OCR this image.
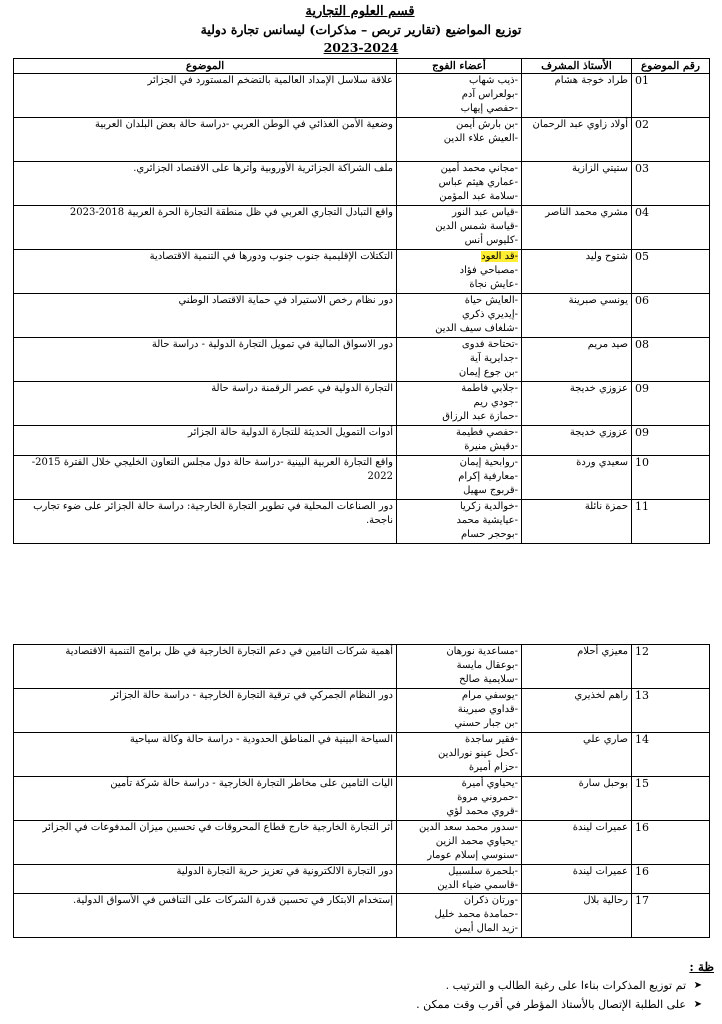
قسم العلوم التجارية
توزيع المواضيع (تقارير تربص – مذكرات) ليسانس تجارة دولية
2023-2024
رقم الموضوع	الأستاذ المشرف	أعضاء الفوج	الموضوع
01	طراد خوجة هشام	-ذيب شهاب
-بولعراس آدم
-حفصي إيهاب	علاقة سلاسل الإمداد العالمية بالتضخم المستورد في الجزائر
02	أولاد زاوي عبد الرحمان	-بن بارش أيمن
-العيش علاء الدين	وضعية الأمن الغذائي في الوطن العربي -دراسة حالة بعض البلدان العربية
03	ستيتي الزازية	-مجاني محمد أمين
-عماري هيثم عباس
-سلامة عبد المؤمن	ملف الشراكة الجزائرية الأوروبية وأثرها على الاقتصاد الجزائري.
04	مشري محمد الناصر	-قياس عبد النور
-قياسة شمس الدين
-كليوس أنس	واقع التبادل التجاري العربي في ظل منطقة التجارة الحرة العربية 2018-2023
05	شتوح وليد	-قد العود
-مصباحي فؤاد
-عايش نجاة	التكتلات الإقليمية جنوب جنوب ودورها في التنمية الاقتصادية
06	يونسي صبرينة	-العايش حياة
-إيديري ذكري
-شلغاف سيف الدين	دور نظام رخص الاستيراد في حماية الاقتصاد الوطني
08	صيد مريم	-تحتاحة فدوى
-جدايرية آية
-بن جوع إيمان	دور الاسواق المالية في تمويل التجارة الدولية - دراسة حالة
09	عزوزي خديجة	-جلابي فاطمة
-جودي ريم
-حمازة عبد الرزاق	التجارة الدولية في عصر الرقمنة دراسة حالة
09	عزوزي خديجة	-حفصي فطيمة
-دقيش منيرة	أدوات التمويل الحديثة للتجارة الدولية حالة الجزائر
10	سعيدي وردة	-روابحية إيمان
-معارفية إكرام
-قربوج سهيل	واقع التجارة العربية البينية -دراسة حالة دول مجلس التعاون الخليجي خلال الفترة 2015-2022
11	حمزة نائلة	-خوالدية زكريا
-عيايشية محمد
-بوحجر حسام	دور الصناعات المحلية في تطوير التجارة الخارجية: دراسة حالة الجزائر على ضوء تجارب ناجحة.
12	معيزي أحلام	-مساعدية نورهان
-بوعقال مايسة
-سلايمية صالح	أهمية شركات التامين في دعم التجارة الخارجية في ظل برامج التنمية الاقتصادية
13	راهم لخذيري	-يوسفي مرام
-قداوي صبرينة
-بن جبار حسني	دور النظام الجمركي في ترقية التجارة الخارجية - دراسة حالة الجزائر
14	صاري علي	-فقير ساجدة
-كحل عينو نورالدين
-حزام أميرة	السياحة البينية في المناطق الحدودية - دراسة حالة وكالة سياحية
15	بوحبل سارة	-يحياوي أميرة
-حمروني مروة
-قروي محمد لؤي	اليات التامين على مخاطر التجارة الخارجية - دراسة حالة شركة تأمين
16	عميرات ليندة	-سدور محمد سعد الدين
-يحياوي محمد الزين
-سنوسي إسلام عومار	أثر التجارة الخارجية خارج قطاع المحروقات في تحسين ميزان المدفوعات في الجزائر
16	عميرات ليندة	-بلحمرة سلسبيل
-قاسمي ضياء الدين	دور التجارة الالكترونية في تعزيز حرية التجارة الدولية
17	رحالية بلال	-ورتان ذكران
-حمامدة محمد خليل
-زيد المال أيمن	إستخدام الابتكار في تحسين قدرة الشركات على التنافس في الأسواق الدولية.
ظة :
➤
تم توزيع المذكرات بناءا على رغبة الطالب و الترتيب .
➤
على الطلبة الإتصال بالأستاذ المؤطر في أقرب وقت ممكن .
